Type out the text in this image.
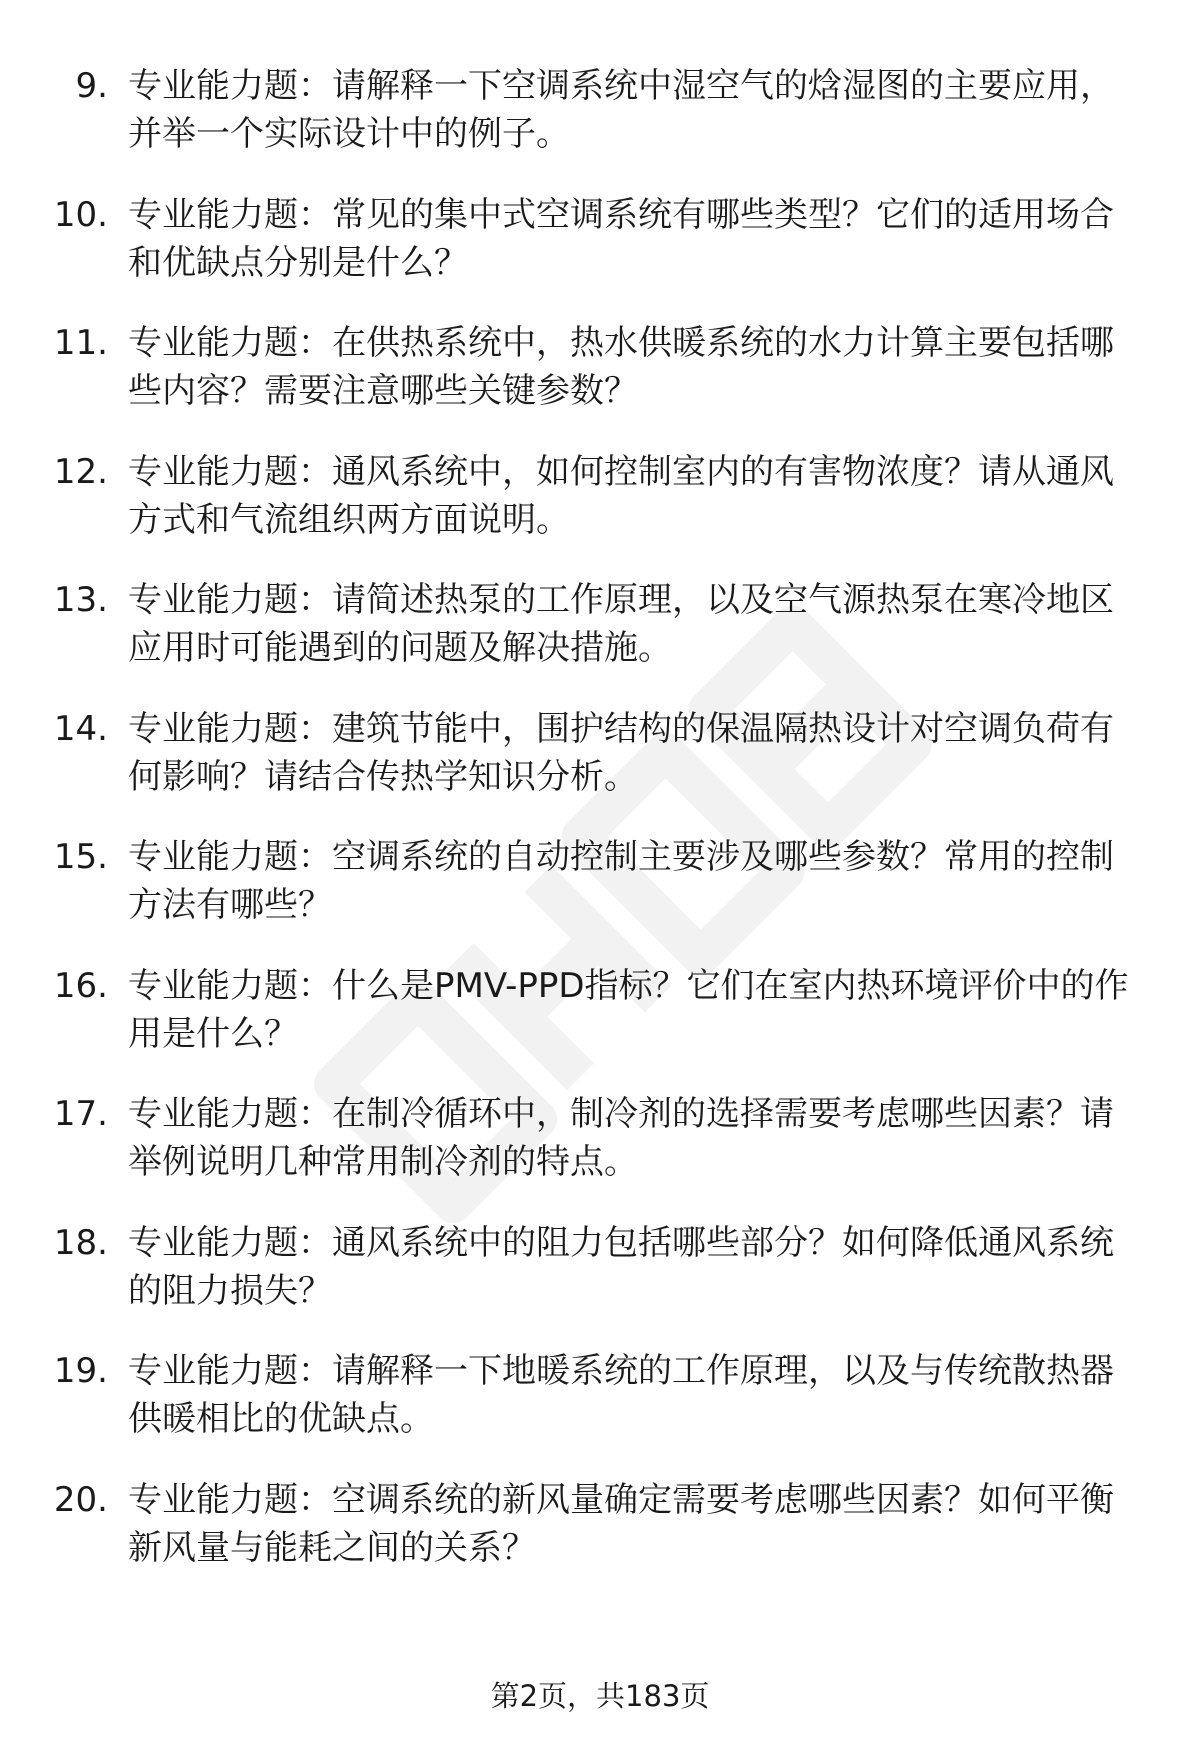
9. 专业能力题：请解释一下空调系统中湿空气的焓湿图的主要应用，并举一个实际设计中的例子。
10. 专业能力题：常见的集中式空调系统有哪些类型？它们的适用场合和优缺点分别是什么？
11. 专业能力题：在供热系统中，热水供暖系统的水力计算主要包括哪些内容？需要注意哪些关键参数？
12. 专业能力题：通风系统中，如何控制室内的有害物浓度？请从通风方式和气流组织两方面说明。
13. 专业能力题：请简述热泵的工作原理，以及空气源热泵在寒冷地区应用时可能遇到的问题及解决措施。
14. 专业能力题：建筑节能中，围护结构的保温隔热设计对空调负荷有何影响？请结合传热学知识分析。
15. 专业能力题：空调系统的自动控制主要涉及哪些参数？常用的控制方法有哪些？
16. 专业能力题：什么是PMV-PPD指标？它们在室内热环境评价中的作用是什么？
17. 专业能力题：在制冷循环中，制冷剂的选择需要考虑哪些因素？请举例说明几种常用制冷剂的特点。
18. 专业能力题：通风系统中的阻力包括哪些部分？如何降低通风系统的阻力损失？
19. 专业能力题：请解释一下地暖系统的工作原理，以及与传统散热器供暖相比的优缺点。
20. 专业能力题：空调系统的新风量确定需要考虑哪些因素？如何平衡新风量与能耗之间的关系？
第2页，共183页
